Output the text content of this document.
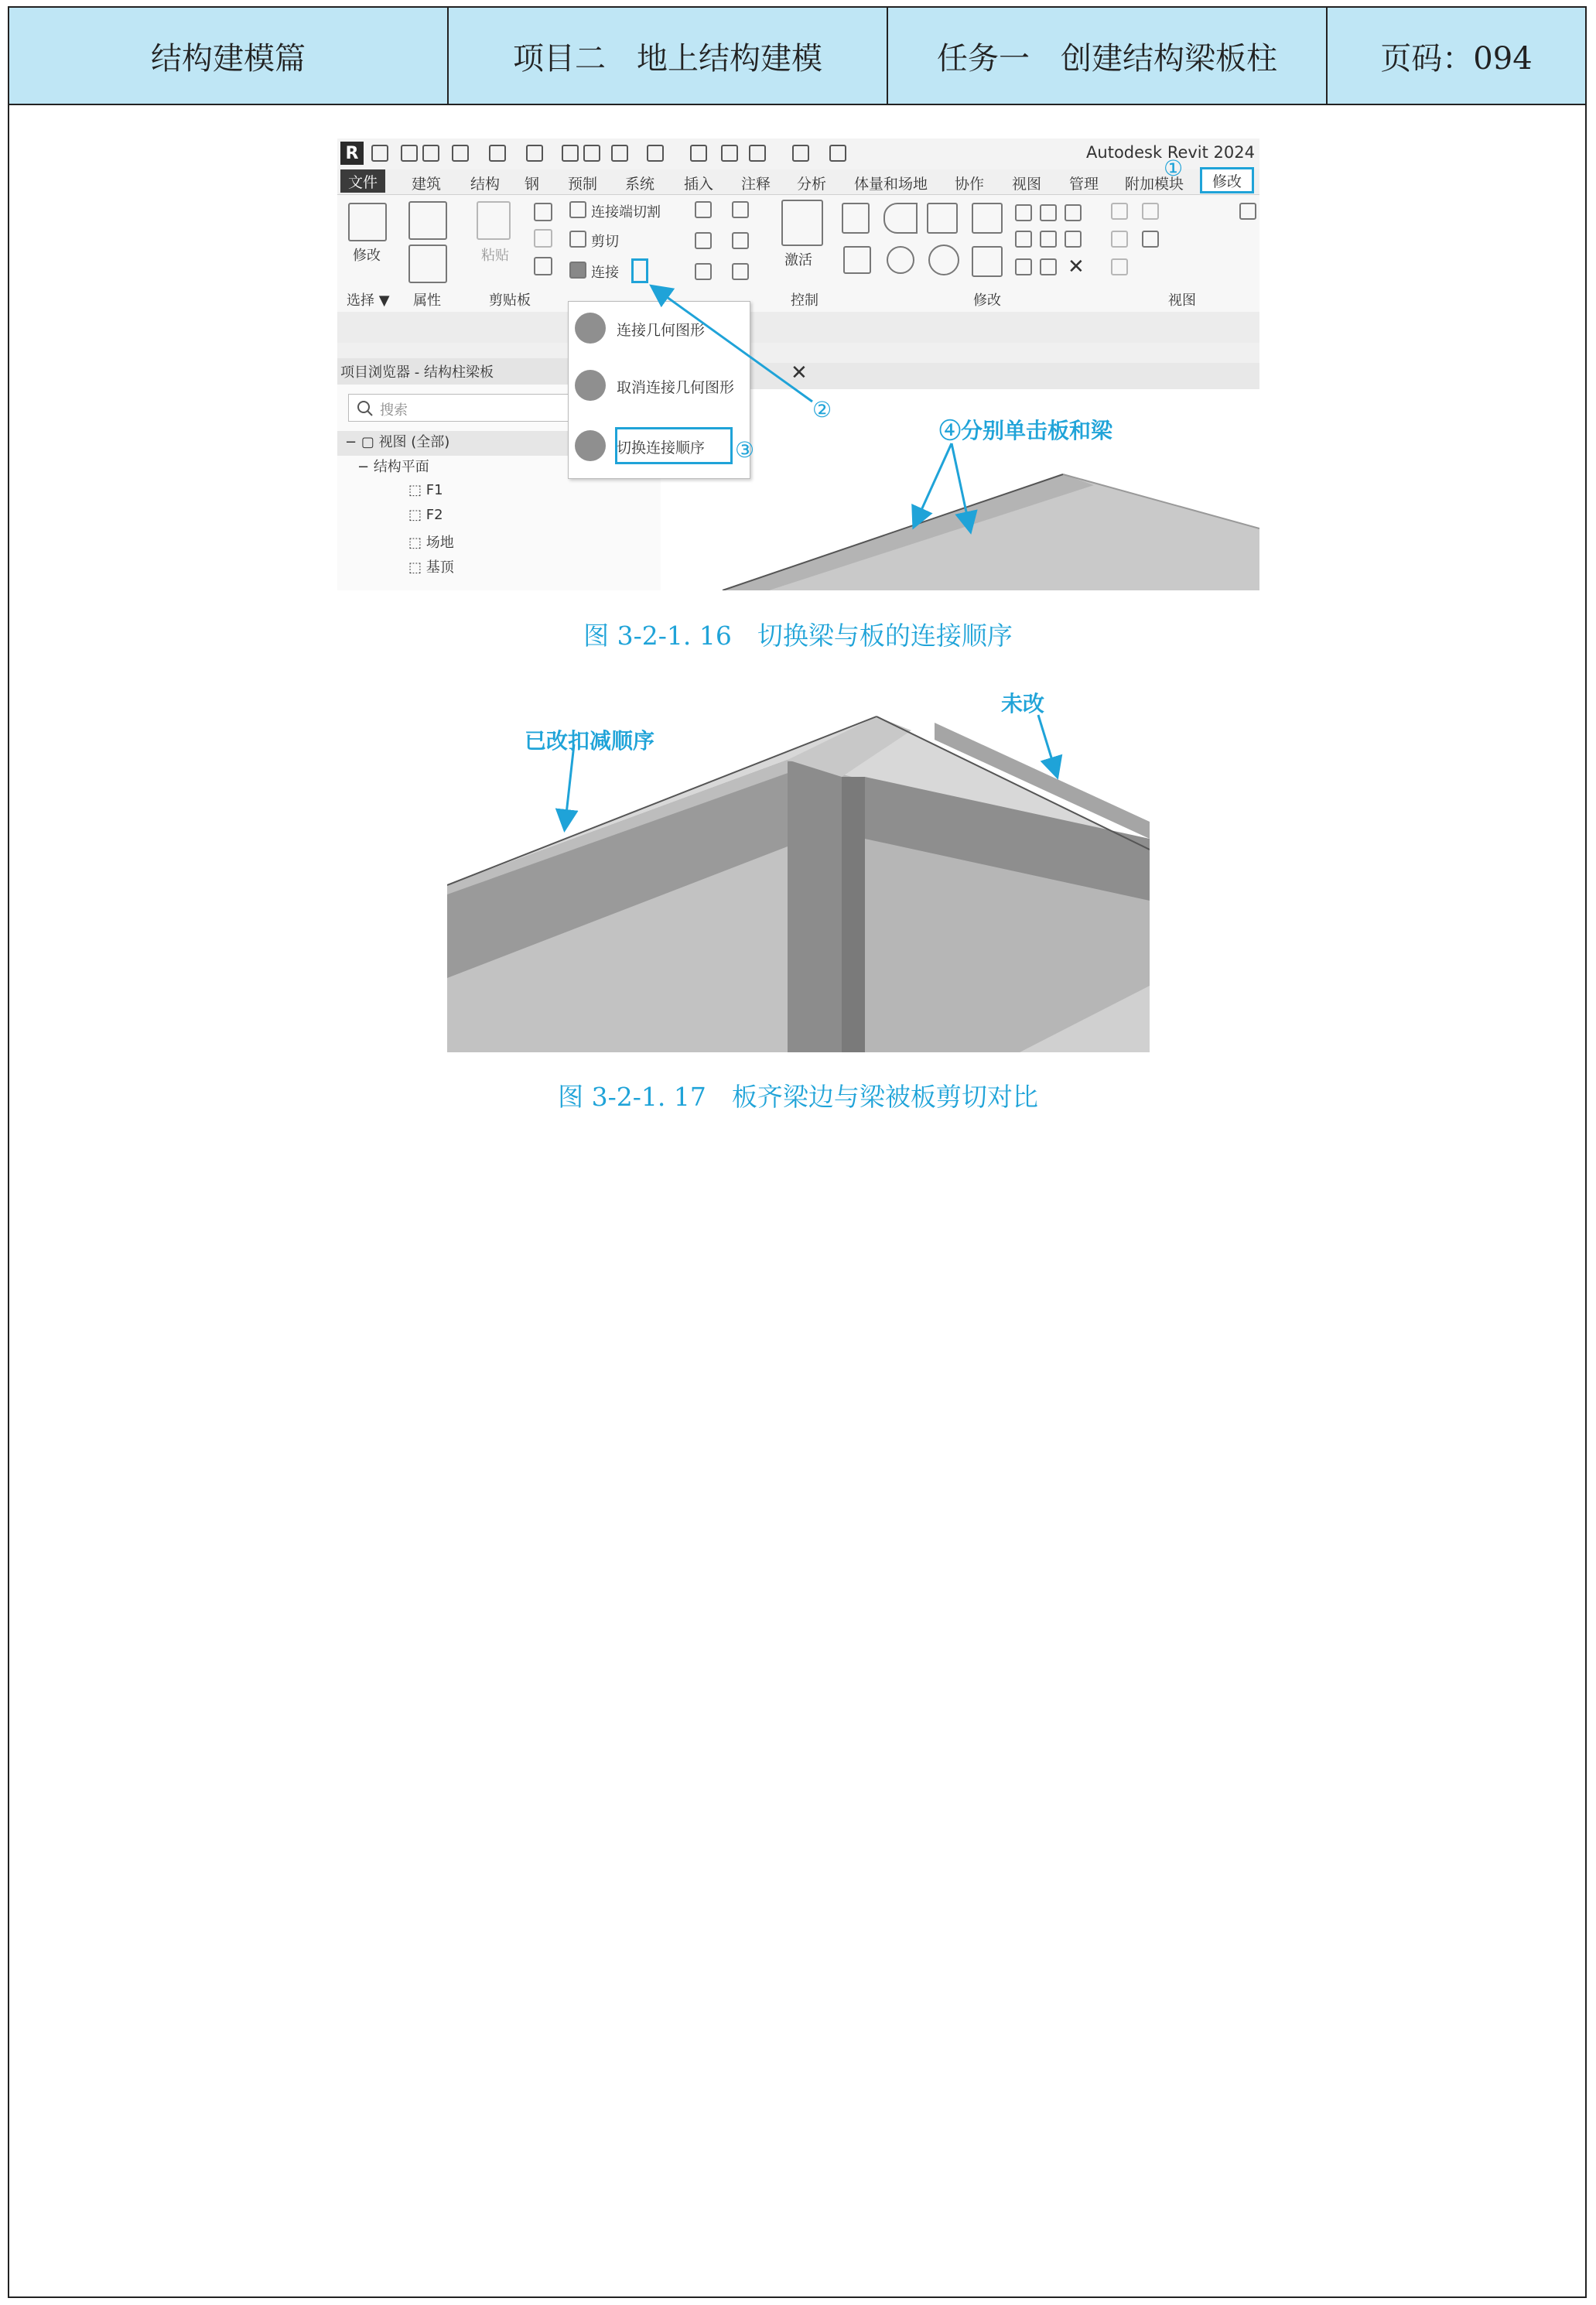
结构建模篇	项目二　地上结构建模	任务一　创建结构梁板柱	页码：094
R	Autodesk Revit 2024
文件	建筑 结构 钢 预制 系统 插入 注释 分析 体量和场地 协作 视图 管理 附加模块	修改
修改	粘贴
连接端切割
剪切
连接
激活	✕
选择 ▼ 属性	剪贴板	控制	修改	视图
项目浏览器 - 结构柱梁板
搜索
− ▢ 视图 (全部)
− 结构平面
⬚ F1
⬚ F2
⬚ 场地
⬚ 基顶
✕
连接几何图形
取消连接几何图形
切换连接顺序
①
②
③
④分别单击板和梁
图 3-2-1. 16　切换梁与板的连接顺序
已改扣减顺序
未改
图 3-2-1. 17　板齐梁边与梁被板剪切对比
